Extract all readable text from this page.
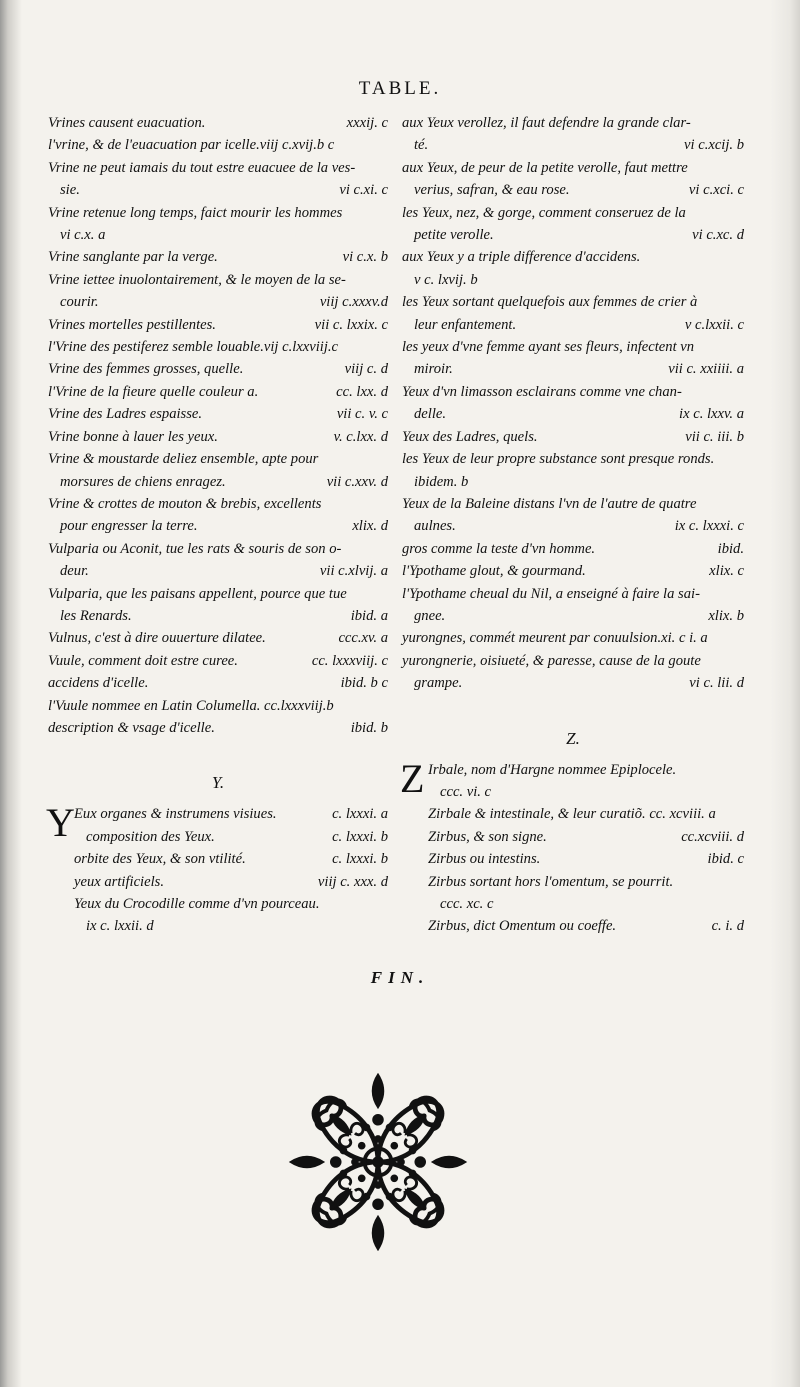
TABLE.
Vrines causent euacuation.	xxxij. c
l'vrine, & de l'euacuation par icelle.viij c.xvij.b c
Vrine ne peut iamais du tout estre euacuee de la ves-
sie.	vi c.xi. c
Vrine retenue long temps, faict mourir les hommes
vi c.x. a
Vrine sanglante par la verge.	vi c.x. b
Vrine iettee inuolontairement, & le moyen de la se-
courir.	viij c.xxxv.d
Vrines mortelles pestillentes.	vii c. lxxix. c
l'Vrine des pestiferez semble louable.vij c.lxxviij.c
Vrine des femmes grosses, quelle.	viij c. d
l'Vrine de la fieure quelle couleur a.	cc. lxx. d
Vrine des Ladres espaisse.	vii c. v. c
Vrine bonne à lauer les yeux.	v. c.lxx. d
Vrine & moustarde deliez ensemble, apte pour
morsures de chiens enragez.	vii c.xxv. d
Vrine & crottes de mouton & brebis, excellents
pour engresser la terre.	xlix. d
Vulparia ou Aconit, tue les rats & souris de son o-
deur.	vii c.xlvij. a
Vulparia, que les paisans appellent, pource que tue
les Renards.	ibid. a
Vulnus, c'est à dire ouuerture dilatee.	ccc.xv. a
Vuule, comment doit estre curee.	cc. lxxxviij. c
accidens d'icelle.	ibid. b c
l'Vuule nommee en Latin Columella. cc.lxxxviij.b
description & vsage d'icelle.	ibid. b
Y.
Y Eux organes & instrumens visiues.	c. lxxxi. a
composition des Yeux.	c. lxxxi. b
orbite des Yeux, & son vtilité.	c. lxxxi. b
yeux artificiels.	viij c. xxx. d
Yeux du Crocodille comme d'vn pourceau.
ix c. lxxii. d
aux Yeux verollez, il faut defendre la grande clar-
té.	vi c.xcij. b
aux Yeux, de peur de la petite verolle, faut mettre
verius, safran, & eau rose.	vi c.xci. c
les Yeux, nez, & gorge, comment conseruez de la
petite verolle.	vi c.xc. d
aux Yeux y a triple difference d'accidens.
v c. lxvij. b
les Yeux sortant quelquefois aux femmes de crier à
leur enfantement.	v c.lxxii. c
les yeux d'vne femme ayant ses fleurs, infectent vn
miroir.	vii c. xxiiii. a
Yeux d'vn limasson esclairans comme vne chan-
delle.	ix c. lxxv. a
Yeux des Ladres, quels.	vii c. iii. b
les Yeux de leur propre substance sont presque ronds.
ibidem. b
Yeux de la Baleine distans l'vn de l'autre de quatre
aulnes.	ix c. lxxxi. c
gros comme la teste d'vn homme.	ibid.
l'Ypothame glout, & gourmand.	xlix. c
l'Ypothame cheual du Nil, a enseigné à faire la sai-
gnee.	xlix. b
yurongnes, commét meurent par conuulsion.xi. c i. a
yurongnerie, oisiueté, & paresse, cause de la goute
grampe.	vi c. lii. d
Z.
Z Irbale, nom d'Hargne nommee Epiplocele.
ccc. vi. c
Zirbale & intestinale, & leur curatiõ. cc. xcviii. a
Zirbus, & son signe.	cc.xcviii. d
Zirbus ou intestins.	ibid. c
Zirbus sortant hors l'omentum, se pourrit.
ccc. xc. c
Zirbus, dict Omentum ou coeffe.	c. i. d
FIN.
